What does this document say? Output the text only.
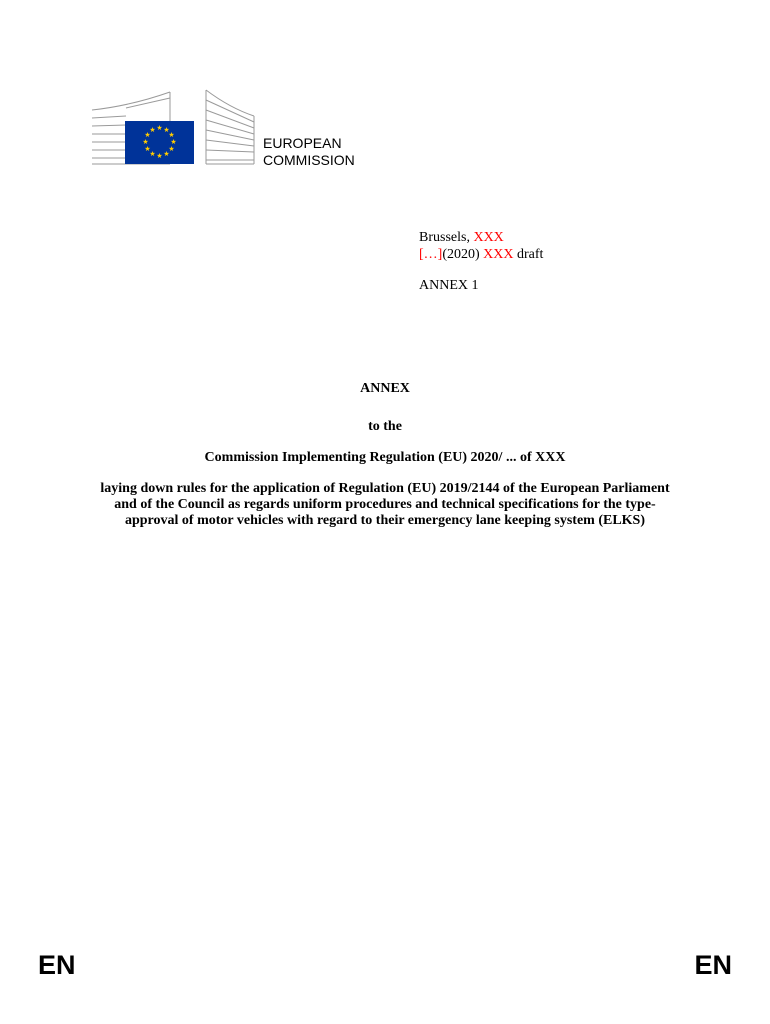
★ ★
★
★
★
★
★
★
★
★
★
★
EUROPEAN
COMMISSION
Brussels, XXX
[…](2020) XXX draft
ANNEX 1
ANNEX
to the
Commission Implementing Regulation (EU) 2020/ ... of XXX
laying down rules for the application of Regulation (EU) 2019/2144 of the European Parliament and of the Council as regards uniform procedures and technical specifications for the type-approval of motor vehicles with regard to their emergency lane keeping system (ELKS)
EN	EN
